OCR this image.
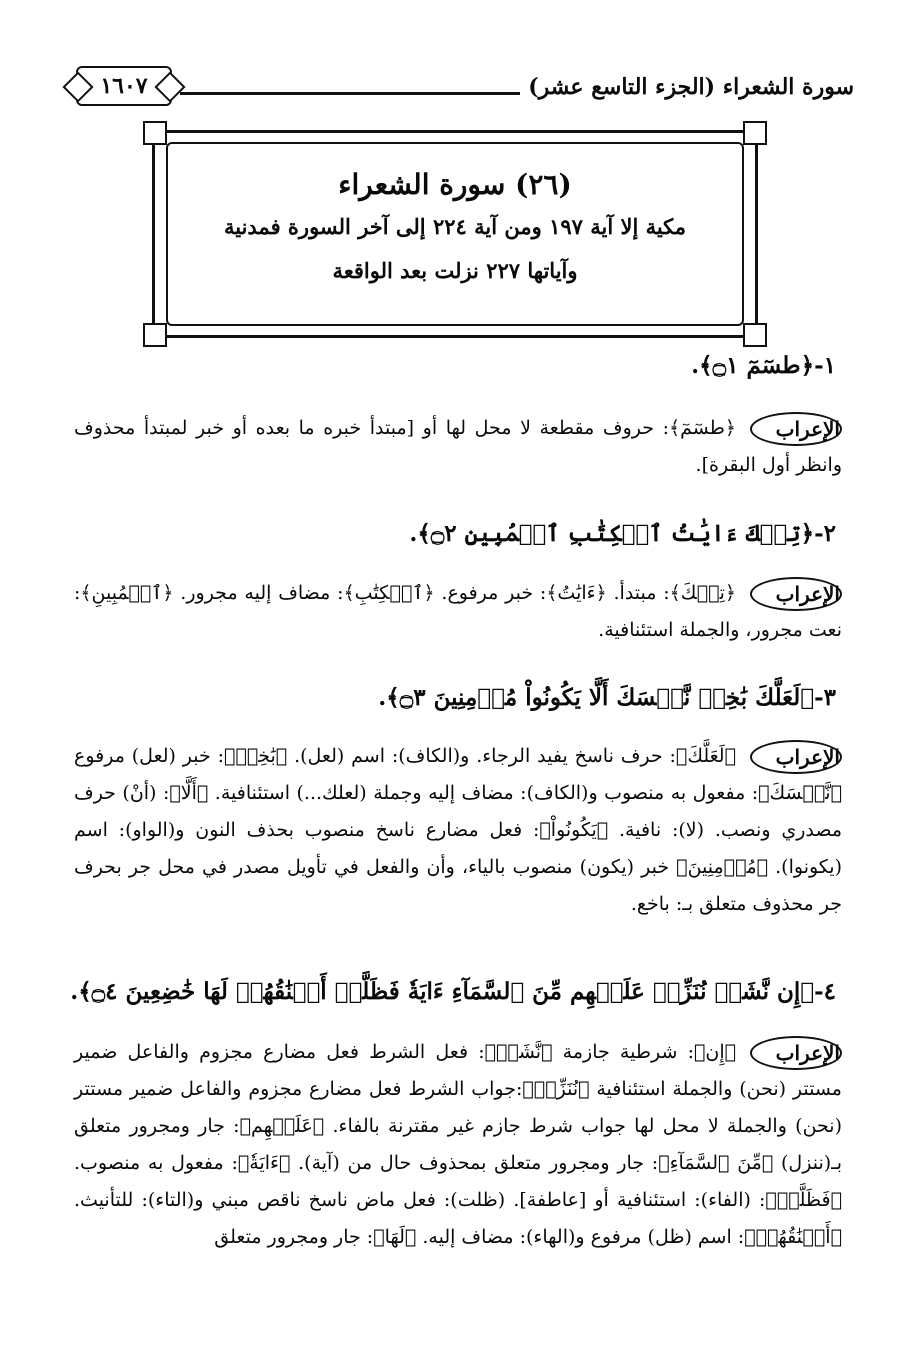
سورة الشعراء (الجزء التاسع عشر)
١٦٠٧
(٢٦) سورة الشعراء
مكية إلا آية ١٩٧ ومن آية ٢٢٤ إلى آخر السورة فمدنية
وآياتها ٢٢٧ نزلت بعد الواقعة
١-﴿طسٓمٓ ۝١﴾.
الإعراب
﴿طسٓمٓ﴾: حروف مقطعة لا محل لها أو [مبتدأ خبره ما بعده أو خبر لمبتدأ محذوف وانظر أول البقرة].
٢-﴿تِلۡكَ ءَايَٰتُ ٱلۡكِتَٰبِ ٱلۡمُبِينِ ۝٢﴾.
الإعراب
﴿تِلۡكَ﴾: مبتدأ. ﴿ءَايَٰتُ﴾: خبر مرفوع. ﴿ٱلۡكِتَٰبِ﴾: مضاف إليه مجرور. ﴿ٱلۡمُبِينِ﴾: نعت مجرور، والجملة استئنافية.
٣-﴿لَعَلَّكَ بَٰخِعٞ نَّفۡسَكَ أَلَّا يَكُونُواْ مُؤۡمِنِينَ ۝٣﴾.
الإعراب
﴿لَعَلَّكَ﴾: حرف ناسخ يفيد الرجاء. و(الكاف): اسم (لعل). ﴿بَٰخِعٞ﴾: خبر (لعل) مرفوع ﴿نَّفۡسَكَ﴾: مفعول به منصوب و(الكاف): مضاف إليه وجملة (لعلك...) استئنافية. ﴿أَلَّا﴾: (أنْ) حرف مصدري ونصب. (لا): نافية. ﴿يَكُونُواْ﴾: فعل مضارع ناسخ منصوب بحذف النون و(الواو): اسم (يكونوا). ﴿مُؤۡمِنِينَ﴾ خبر (يكون) منصوب بالياء، وأن والفعل في تأويل مصدر في محل جر بحرف جر محذوف متعلق بـ: باخع.
٤-﴿إِن نَّشَأۡ نُنَزِّلۡ عَلَيۡهِم مِّنَ ٱلسَّمَآءِ ءَايَةٗ فَظَلَّتۡ أَعۡنَٰقُهُمۡ لَهَا خَٰضِعِينَ ۝٤﴾.
الإعراب
﴿إِن﴾: شرطية جازمة ﴿نَّشَأۡ﴾: فعل الشرط فعل مضارع مجزوم والفاعل ضمير مستتر (نحن) والجملة استئنافية ﴿نُنَزِّلۡ﴾:جواب الشرط فعل مضارع مجزوم والفاعل ضمير مستتر (نحن) والجملة لا محل لها جواب شرط جازم غير مقترنة بالفاء. ﴿عَلَيۡهِم﴾: جار ومجرور متعلق بـ(ننزل) ﴿مِّنَ ٱلسَّمَآءِ﴾: جار ومجرور متعلق بمحذوف حال من (آية). ﴿ءَايَةٗ﴾: مفعول به منصوب. ﴿فَظَلَّتۡ﴾: (الفاء): استئنافية أو [عاطفة]. (ظلت): فعل ماض ناسخ ناقص مبني و(التاء): للتأنيث. ﴿أَعۡنَٰقُهُمۡ﴾: اسم (ظل) مرفوع و(الهاء): مضاف إليه. ﴿لَهَا﴾: جار ومجرور متعلق
